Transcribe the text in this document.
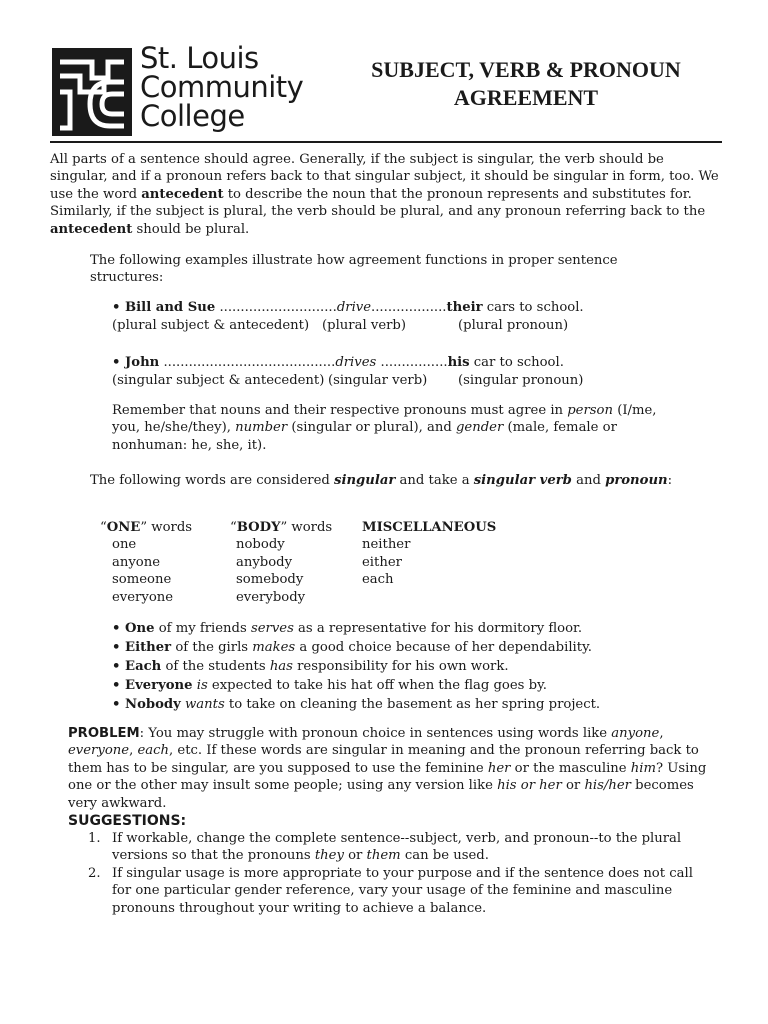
St. Louis
Community
College
SUBJECT, VERB & PRONOUN
AGREEMENT

All parts of a sentence should agree. Generally, if the subject is singular, the verb should be singular, and if a pronoun refers back to that singular subject, it should be singular in form, too. We use the word antecedent to describe the noun that the pronoun represents and substitutes for. Similarly, if the subject is plural, the verb should be plural, and any pronoun referring back to the antecedent should be plural.

The following examples illustrate how agreement functions in proper sentence structures:

• Bill and Sue ............................drive..................their cars to school.
(plural subject & antecedent) (plural verb)	(plural pronoun)
• John .........................................drives ................his car to school.
(singular subject & antecedent) (singular verb) (singular pronoun)

Remember that nouns and their respective pronouns must agree in person (I/me, you, he/she/they), number (singular or plural), and gender (male, female or nonhuman: he, she, it).

The following words are considered singular and take a singular verb and pronoun:

“ONE” words
one
anyone
someone
everyone
“BODY” words
nobody
anybody
somebody
everybody
MISCELLANEOUS
neither
either
each
• One of my friends serves as a representative for his dormitory floor.
• Either of the girls makes a good choice because of her dependability.
• Each of the students has responsibility for his own work.
• Everyone is expected to take his hat off when the flag goes by.
• Nobody wants to take on cleaning the basement as her spring project.

PROBLEM: You may struggle with pronoun choice in sentences using words like anyone, everyone, each, etc. If these words are singular in meaning and the pronoun referring back to them has to be singular, are you supposed to use the feminine her or the masculine him? Using one or the other may insult some people; using any version like his or her or his/her becomes very awkward.

SUGGESTIONS:
1. If workable, change the complete sentence--subject, verb, and pronoun--to the plural versions so that the pronouns they or them can be used.
2. If singular usage is more appropriate to your purpose and if the sentence does not call for one particular gender reference, vary your usage of the feminine and masculine pronouns throughout your writing to achieve a balance.
